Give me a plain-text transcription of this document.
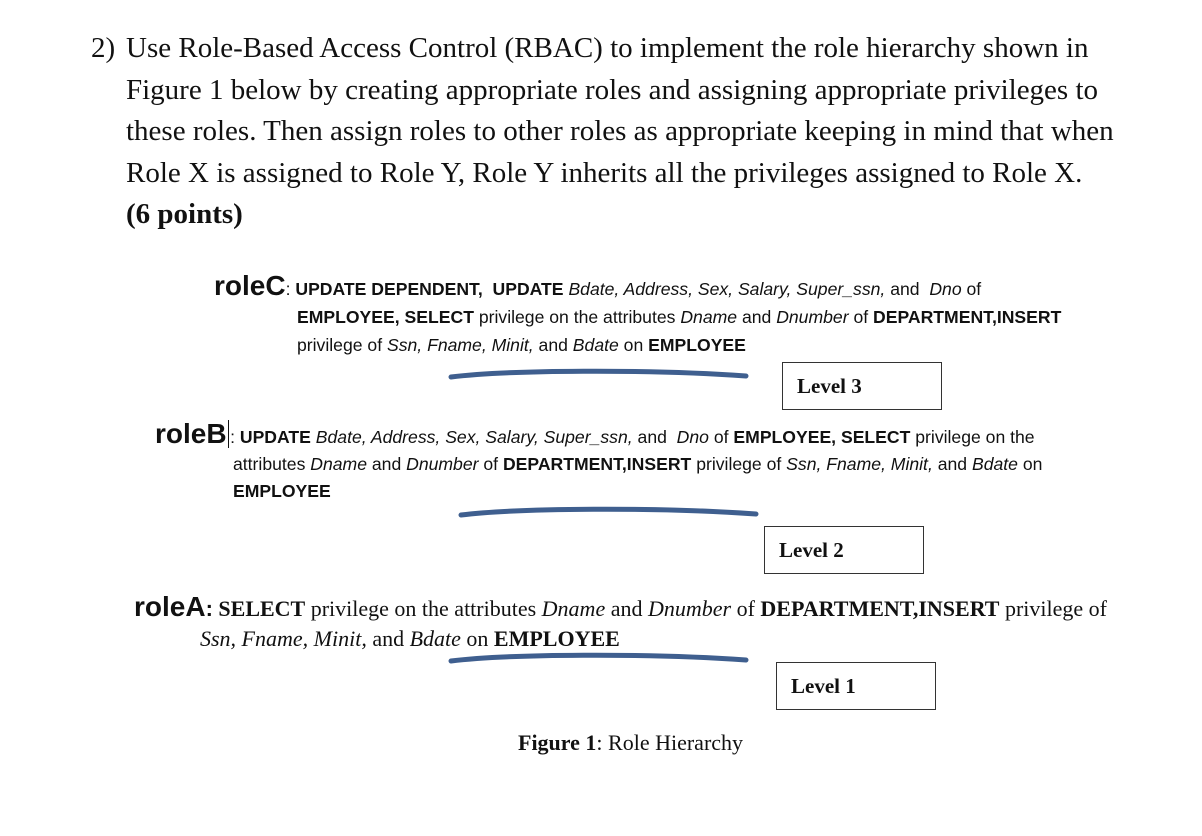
2) Use Role-Based Access Control (RBAC) to implement the role hierarchy shown in
Figure 1 below by creating appropriate roles and assigning appropriate privileges to
these roles. Then assign roles to other roles as appropriate keeping in mind that when
Role X is assigned to Role Y, Role Y inherits all the privileges assigned to Role X.
(6 points)
roleC: UPDATE DEPENDENT, UPDATE Bdate, Address, Sex, Salary, Super_ssn, and Dno of
EMPLOYEE, SELECT privilege on the attributes Dname and Dnumber of DEPARTMENT,INSERT
privilege of Ssn, Fname, Minit, and Bdate on EMPLOYEE
Level 3
roleB : UPDATE Bdate, Address, Sex, Salary, Super_ssn, and Dno of EMPLOYEE, SELECT privilege on the
attributes Dname and Dnumber of DEPARTMENT,INSERT privilege of Ssn, Fname, Minit, and Bdate on
EMPLOYEE
Level 2
roleA: SELECT privilege on the attributes Dname and Dnumber of DEPARTMENT,INSERT privilege of
Ssn, Fname, Minit, and Bdate on EMPLOYEE
Level 1
Figure 1: Role Hierarchy
